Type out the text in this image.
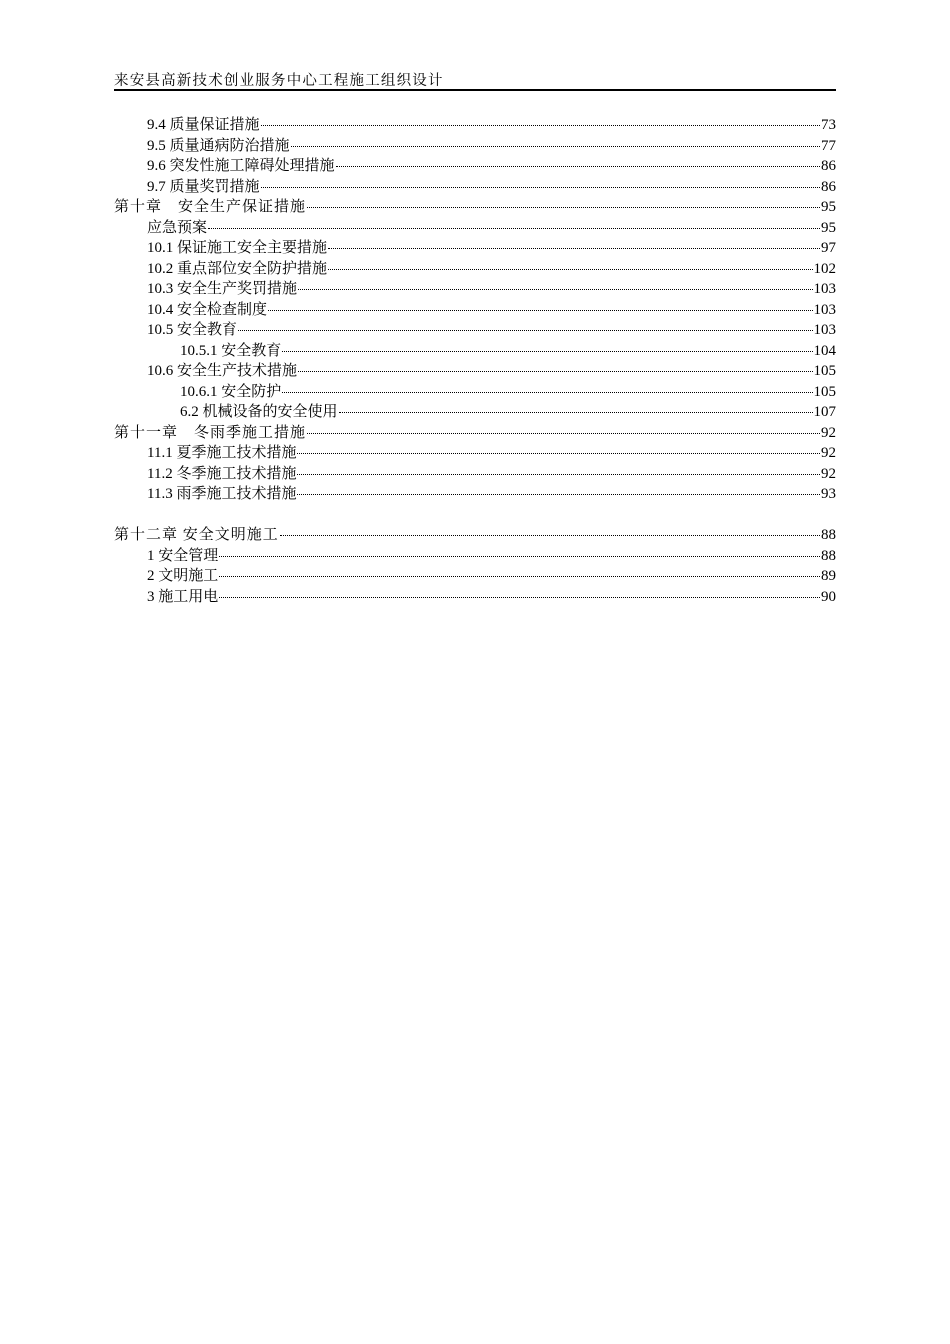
来安县高新技术创业服务中心工程施工组织设计
9.4 质量保证措施	73
9.5 质量通病防治措施	77
9.6 突发性施工障碍处理措施	86
9.7 质量奖罚措施	86
第十章　安全生产保证措施	95
应急预案	95
10.1 保证施工安全主要措施	97
10.2 重点部位安全防护措施	102
10.3 安全生产奖罚措施	103
10.4 安全检查制度	103
10.5 安全教育	103
10.5.1 安全教育	104
10.6 安全生产技术措施	105
10.6.1 安全防护	105
6.2 机械设备的安全使用	107
第十一章　冬雨季施工措施	92
11.1 夏季施工技术措施	92
11.2 冬季施工技术措施	92
11.3 雨季施工技术措施	93
第十二章 安全文明施工	88
1 安全管理	88
2 文明施工	89
3 施工用电	90
